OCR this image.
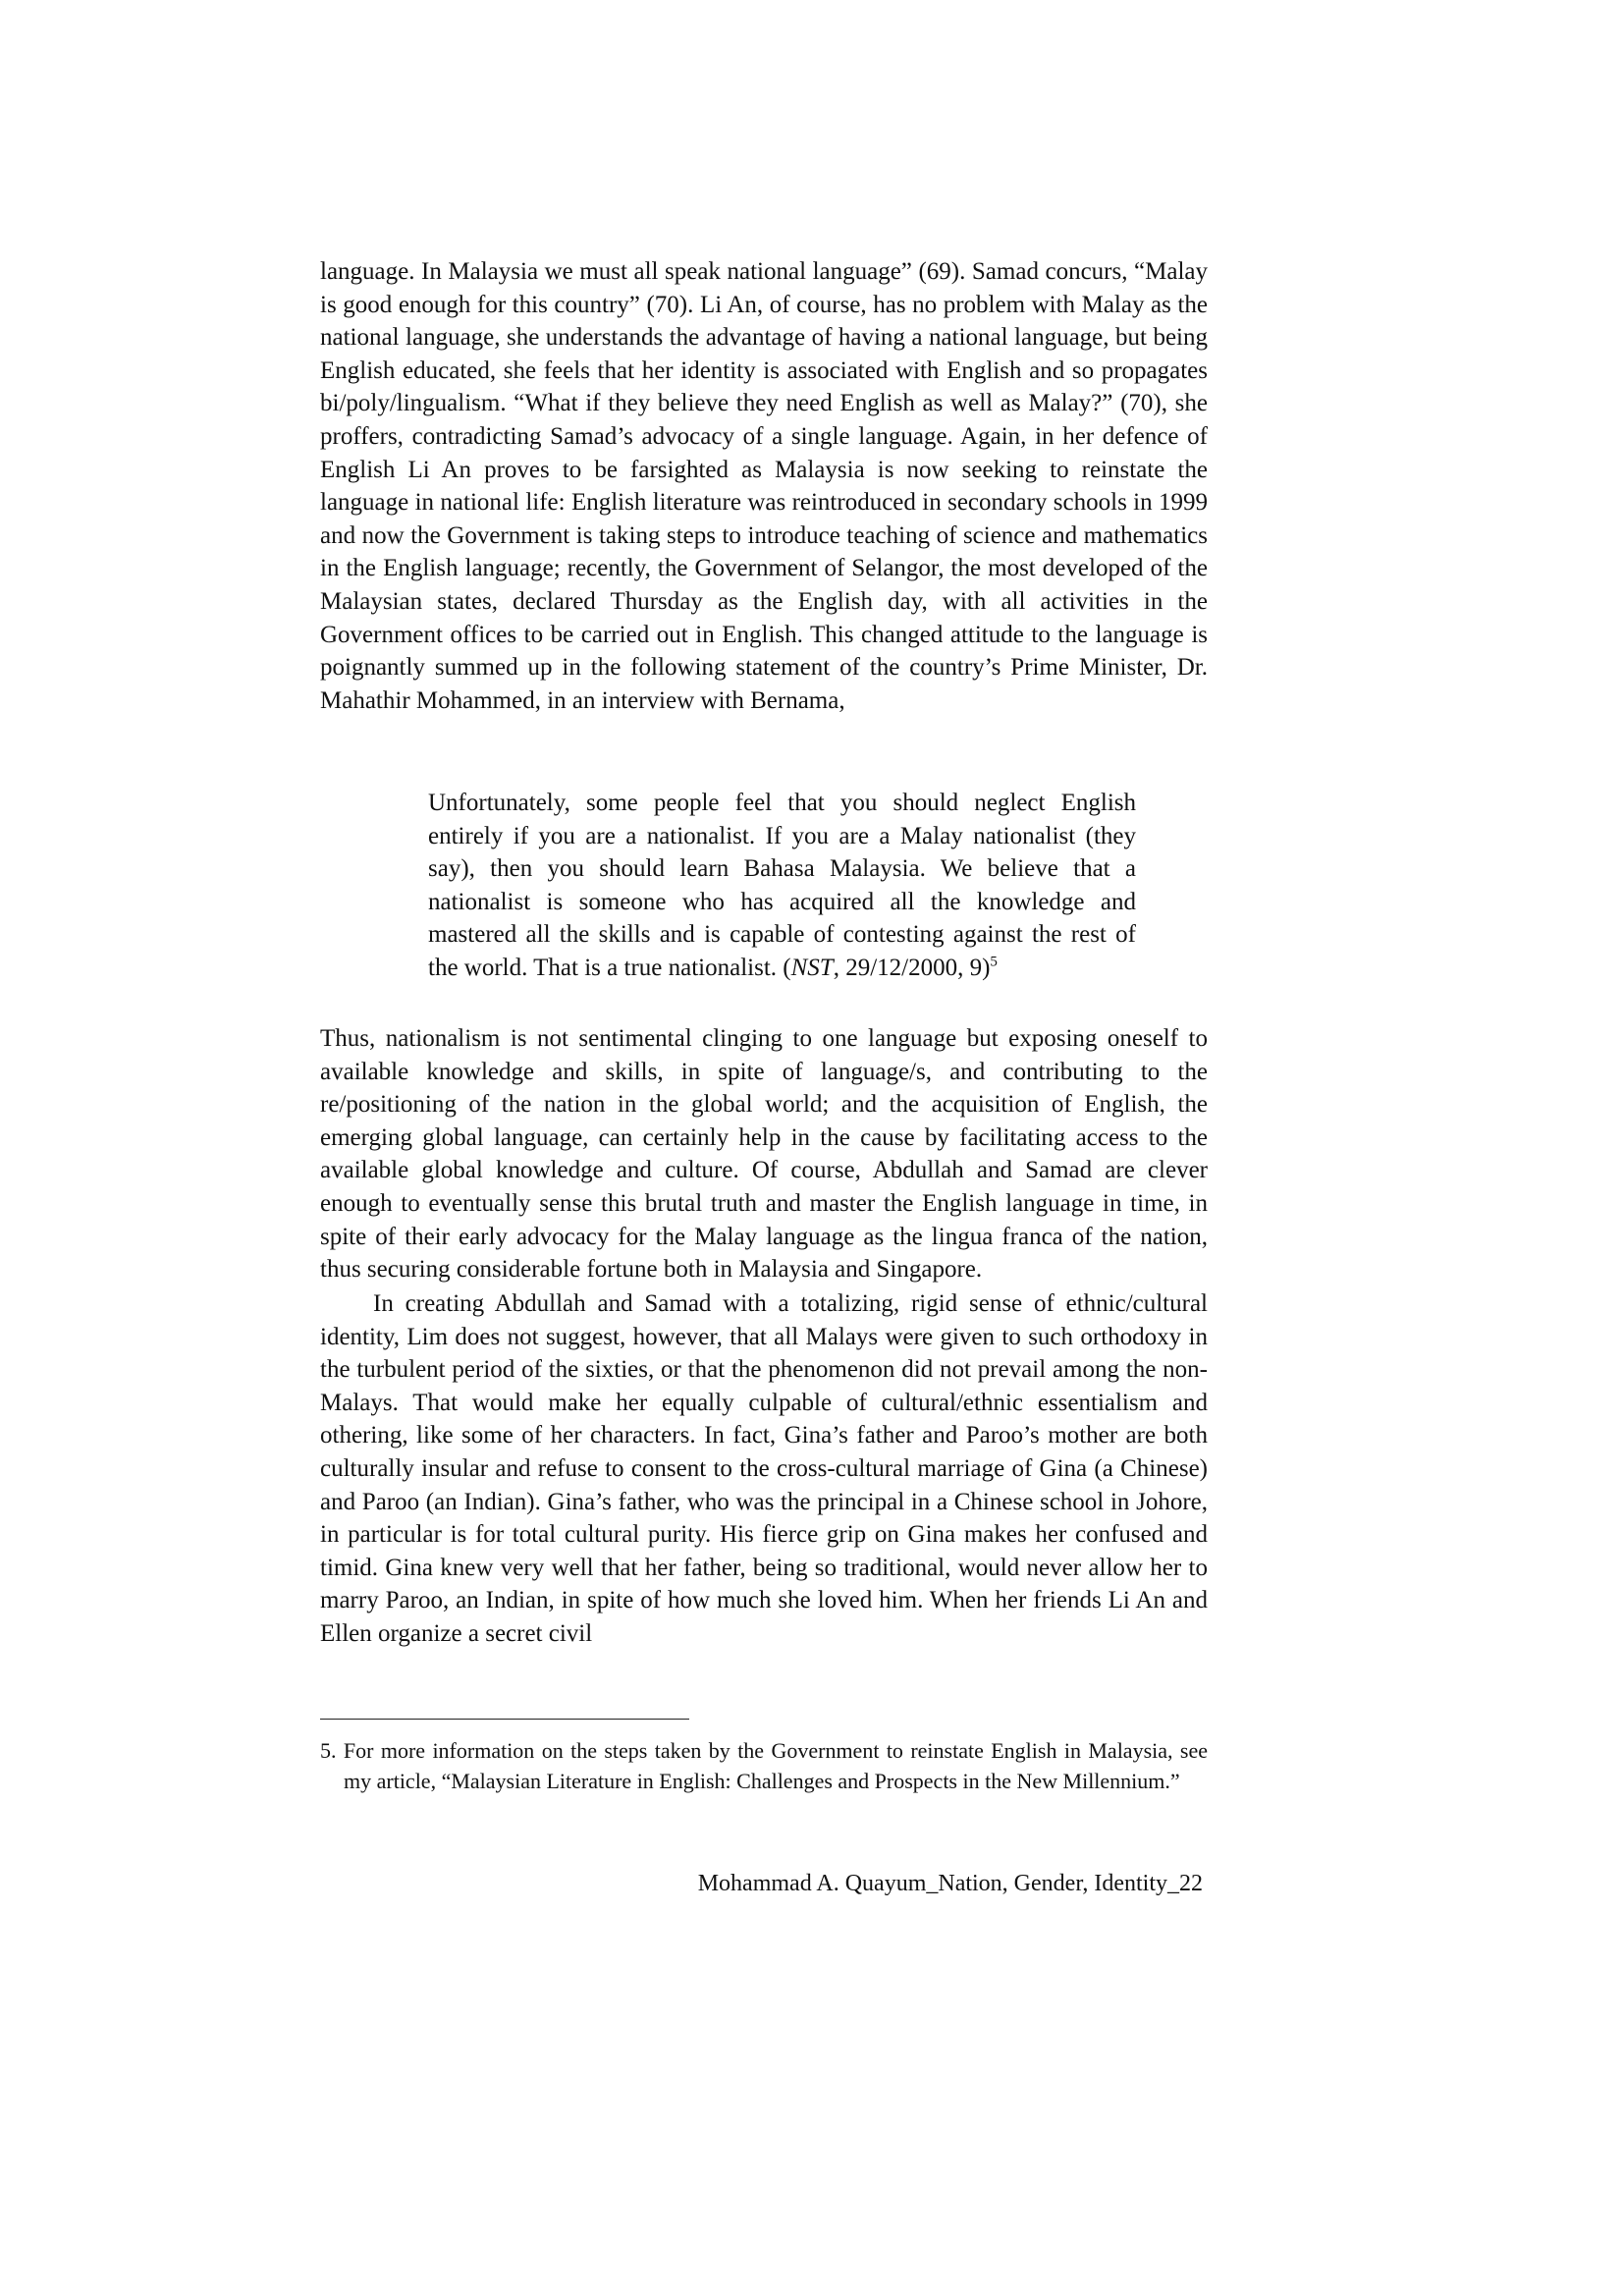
language. In Malaysia we must all speak national language” (69). Samad concurs, “Malay is good enough for this country” (70). Li An, of course, has no problem with Malay as the national language, she understands the advantage of having a national language, but being English educated, she feels that her identity is associated with English and so propagates bi/poly/lingualism. “What if they believe they need English as well as Malay?” (70), she proffers, contradicting Samad’s advocacy of a single language. Again, in her defence of English Li An proves to be farsighted as Malaysia is now seeking to reinstate the language in national life: English literature was reintroduced in secondary schools in 1999 and now the Government is taking steps to introduce teaching of science and mathematics in the English language; recently, the Government of Selangor, the most developed of the Malaysian states, declared Thursday as the English day, with all activities in the Government offices to be carried out in English. This changed attitude to the language is poignantly summed up in the following statement of the country’s Prime Minister, Dr. Mahathir Mohammed, in an interview with Bernama,

Unfortunately, some people feel that you should neglect English entirely if you are a nationalist. If you are a Malay nationalist (they say), then you should learn Bahasa Malaysia. We believe that a nationalist is someone who has acquired all the knowledge and mastered all the skills and is capable of contesting against the rest of the world. That is a true nationalist. (NST, 29/12/2000, 9)$^5$

Thus, nationalism is not sentimental clinging to one language but exposing oneself to available knowledge and skills, in spite of language/s, and contributing to the re/positioning of the nation in the global world; and the acquisition of English, the emerging global language, can certainly help in the cause by facilitating access to the available global knowledge and culture. Of course, Abdullah and Samad are clever enough to eventually sense this brutal truth and master the English language in time, in spite of their early advocacy for the Malay language as the lingua franca of the nation, thus securing considerable fortune both in Malaysia and Singapore.

In creating Abdullah and Samad with a totalizing, rigid sense of ethnic/cultural identity, Lim does not suggest, however, that all Malays were given to such orthodoxy in the turbulent period of the sixties, or that the phenomenon did not prevail among the non-Malays. That would make her equally culpable of cultural/ethnic essentialism and othering, like some of her characters. In fact, Gina’s father and Paroo’s mother are both culturally insular and refuse to consent to the cross-cultural marriage of Gina (a Chinese) and Paroo (an Indian). Gina’s father, who was the principal in a Chinese school in Johore, in particular is for total cultural purity. His fierce grip on Gina makes her confused and timid. Gina knew very well that her father, being so traditional, would never allow her to marry Paroo, an Indian, in spite of how much she loved him. When her friends Li An and Ellen organize a secret civil

5. For more information on the steps taken by the Government to reinstate English in Malaysia, see my article, “Malaysian Literature in English: Challenges and Prospects in the New Millennium.”
Mohammad A. Quayum_Nation, Gender, Identity_22
